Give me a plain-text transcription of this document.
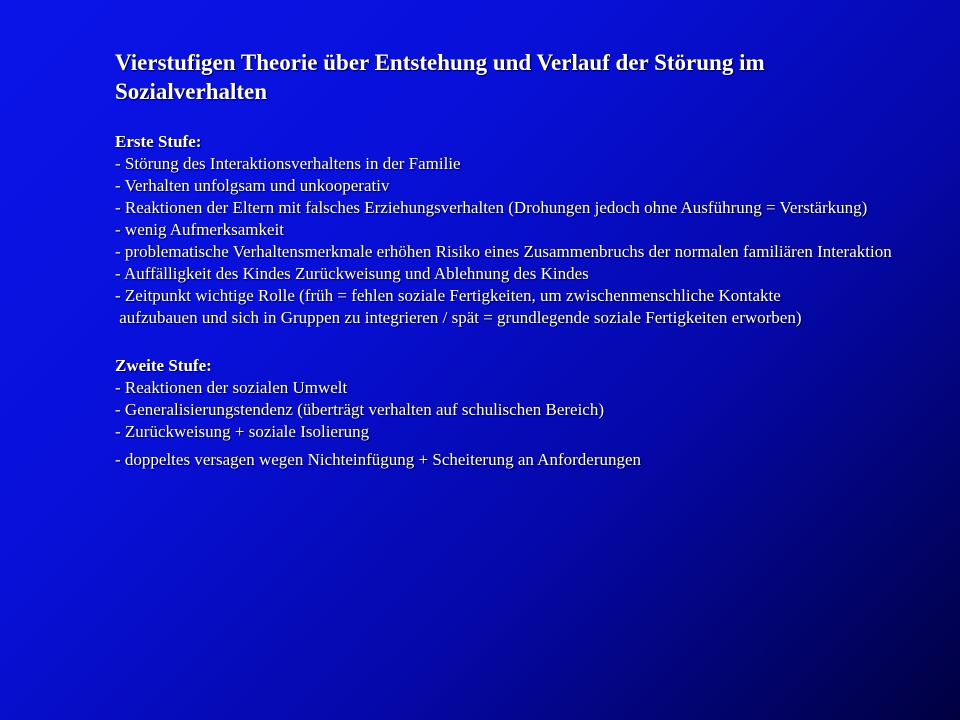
Vierstufigen Theorie über Entstehung und Verlauf der Störung im Sozialverhalten
Erste Stufe:
- Störung des Interaktionsverhaltens in der Familie
- Verhalten unfolgsam und unkooperativ
- Reaktionen der Eltern mit falsches Erziehungsverhalten (Drohungen jedoch ohne Ausführung = Verstärkung)
- wenig Aufmerksamkeit
- problematische Verhaltensmerkmale erhöhen Risiko eines Zusammenbruchs der normalen familiären Interaktion
- Auffälligkeit des Kindes Zurückweisung und Ablehnung des Kindes
- Zeitpunkt wichtige Rolle (früh = fehlen soziale Fertigkeiten, um zwischenmenschliche Kontakte
aufzubauen und sich in Gruppen zu integrieren / spät = grundlegende soziale Fertigkeiten erworben)
Zweite Stufe:
- Reaktionen der sozialen Umwelt
- Generalisierungstendenz (überträgt verhalten auf schulischen Bereich)
- Zurückweisung + soziale Isolierung
- doppeltes versagen wegen Nichteinfügung + Scheiterung an Anforderungen
